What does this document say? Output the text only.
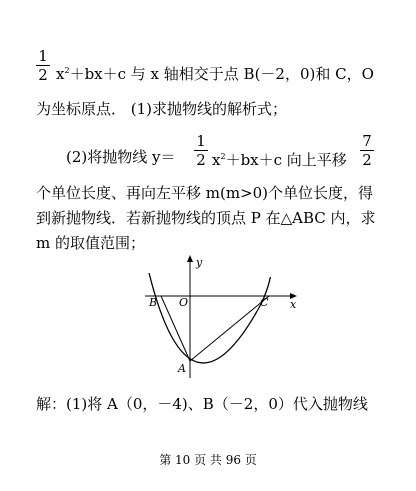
1
2 $x^2+bx+c$ 与 x 轴相交于点 B(－2，0)和 C，O
为坐标原点． (1)求抛物线的解析式；
(2)将抛物线 y＝
1
2 $x^2+bx+c$ 向上平移
7
2
个单位长度、再向左平移 m(m>0)个单位长度，得
到新抛物线．若新抛物线的顶点 P 在△ABC 内，求
m 的取值范围；
y
x
B O	C
A
解：(1)将 A（0，－4)、B（－2，0）代入抛物线
第 10 页 共 96 页
